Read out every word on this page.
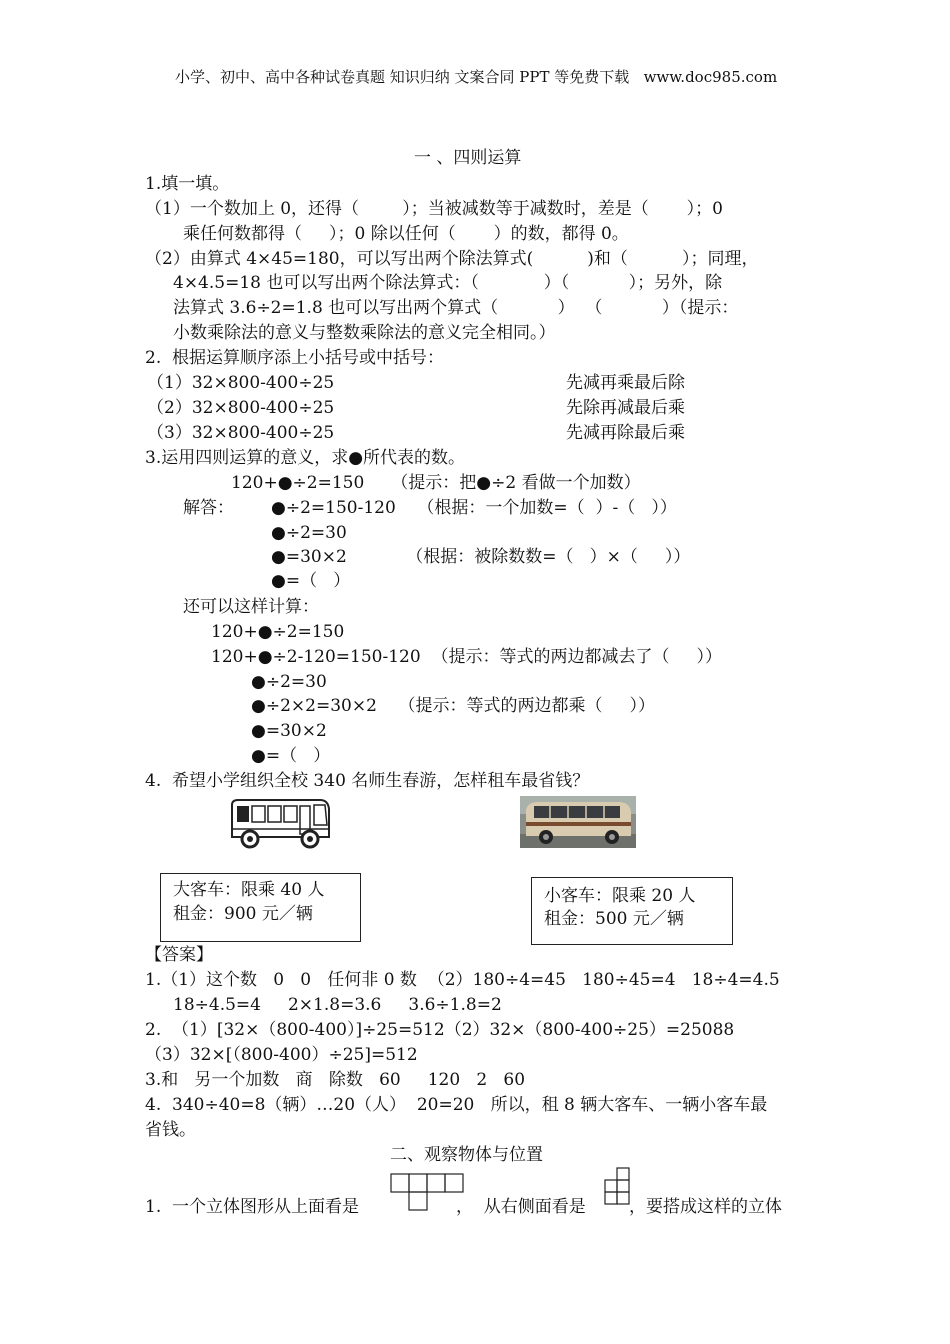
小学、初中、高中各种试卷真题 知识归纳 文案合同 PPT 等免费下载   www.doc985.com
一 、四则运算
1.填一填。
（1）一个数加上 0，还得（        ）；当被减数等于减数时，差是（       ）；0
乘任何数都得（     ）；0 除以任何（       ）的数，都得 0。
（2）由算式 4×45=180，可以写出两个除法算式(          )和（          ）；同理，
4×4.5=18 也可以写出两个除法算式：（            ）（           ）；另外，除
法算式 3.6÷2=1.8 也可以写出两个算式（           ）  （           ）（提示：
小数乘除法的意义与整数乘除法的意义完全相同。）
2.  根据运算顺序添上小括号或中括号：
（1）32×800-400÷25
（2）32×800-400÷25
（3）32×800-400÷25
先减再乘最后除
先除再减最后乘
先减再除最后乘
3.运用四则运算的意义，求●所代表的数。
120+●÷2=150     （提示：把●÷2 看做一个加数）
解答： ●÷2=150-120    （根据：一个加数=（  ）-（   ））
●÷2=30
●=30×2           （根据：被除数数=（   ）×（     ））
●=（   ）
还可以这样计算：
120+●÷2=150
120+●÷2-120=150-120  （提示：等式的两边都减去了（     ））
●÷2=30
●÷2×2=30×2    （提示：等式的两边都乘（     ））
●=30×2
●=（   ）
4.  希望小学组织全校 340 名师生春游，怎样租车最省钱？
大客车：限乘 40 人
租金：900 元／辆
小客车：限乘 20 人
租金：500 元／辆
【答案】
1.（1）这个数   0   0   任何非 0 数  （2）180÷4=45   180÷45=4   18÷4=4.5
18÷4.5=4     2×1.8=3.6     3.6÷1.8=2
2.  （1）[32×（800-400）]÷25=512（2）32×（800-400÷25）=25088
（3）32×[（800-400）÷25]=512
3.和   另一个加数   商   除数   60     120   2   60
4.  340÷40=8（辆）…20（人）  20=20   所以，租 8 辆大客车、一辆小客车最
省钱。
二、观察物体与位置
1.  一个立体图形从上面看是	，  从右侧面看是	，要搭成这样的立体
